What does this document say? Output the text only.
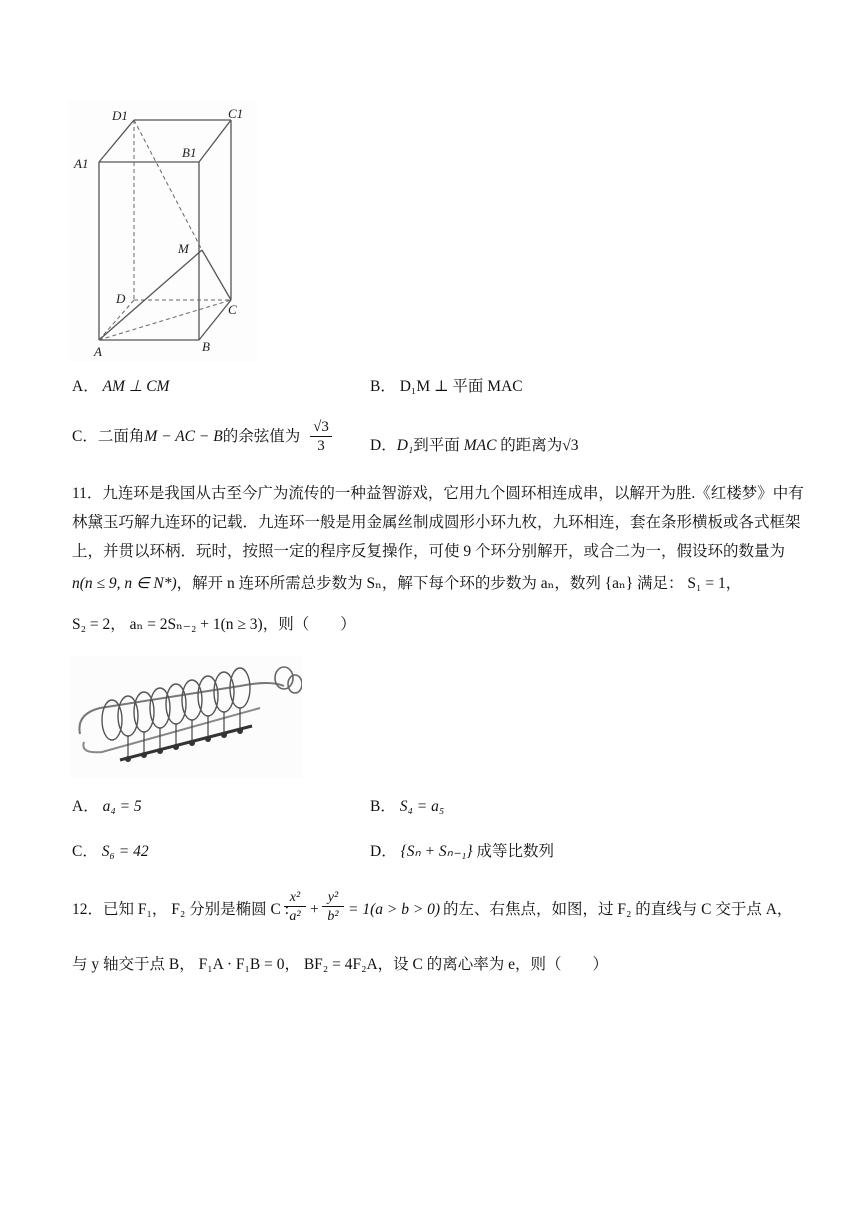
D1	C1
A1
B1
M
D
C
A	B
A． AM ⊥ CM	B． D₁M ⊥ 平面 MAC
C．二面角M − AC − B的余弦值为
√3
3	D．D₁到平面 MAC 的距离为√3
11．九连环是我国从古至今广为流传的一种益智游戏，它用九个圆环相连成串，以解开为胜.《红楼梦》中有
林黛玉巧解九连环的记载．九连环一般是用金属丝制成圆形小环九枚，九环相连，套在条形横板或各式框架
上，并贯以环柄．玩时，按照一定的程序反复操作，可使 9 个环分别解开，或合二为一，假设环的数量为
n(n ≤ 9, n ∈ N*)，解开 n 连环所需总步数为 Sₙ，解下每个环的步数为 aₙ，数列 {aₙ} 满足： S₁ = 1，
S₂ = 2， aₙ = 2Sₙ₋₂ + 1(n ≥ 3)，则（　　）
A． a₄ = 5	B． S₄ = a₅
C． S₆ = 42	D． {Sₙ + Sₙ₋₁} 成等比数列
12．已知 F₁， F₂ 分别是椭圆 C :
x²
a² +
y²
b² = 1(a > b > 0) 的左、右焦点，如图，过 F₂ 的直线与 C 交于点 A，
与 y 轴交于点 B， F₁A · F₁B = 0， BF₂ = 4F₂A，设 C 的离心率为 e，则（　　）
